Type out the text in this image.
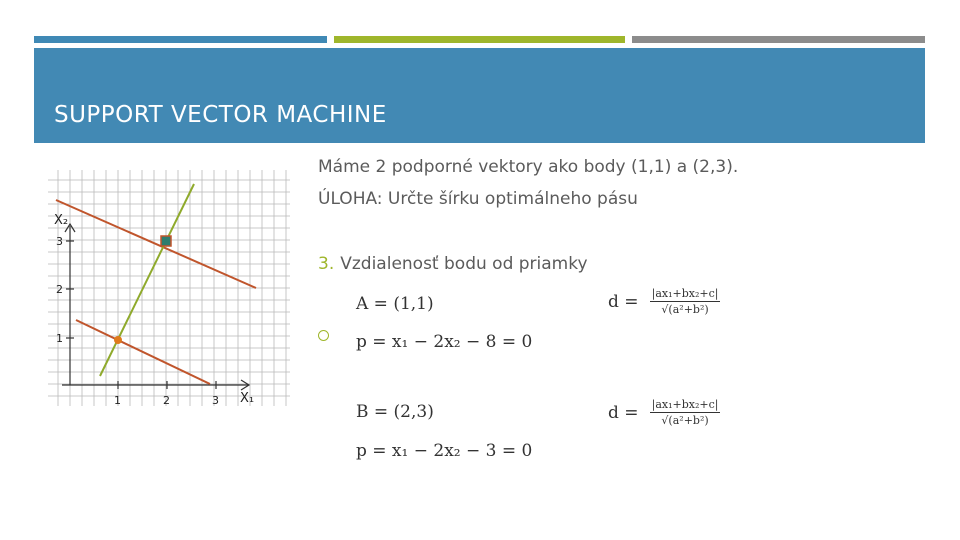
SUPPORT VECTOR MACHINE
X₂
X₁
1	2	3
1
2
3
Máme 2 podporné vektory ako body (1,1) a (2,3).
ÚLOHA: Určte šírku optimálneho pásu
3. Vzdialenosť bodu od priamky
A = (1,1)
p = x₁ − 2x₂ − 8 = 0
B = (2,3)
p = x₁ − 2x₂ − 3 = 0
$d = \frac{\text{|ax₁+bx₂+c|}}{\text{√(a²+b²)}}$
$d = \frac{\text{|ax₁+bx₂+c|}}{\text{√(a²+b²)}}$
